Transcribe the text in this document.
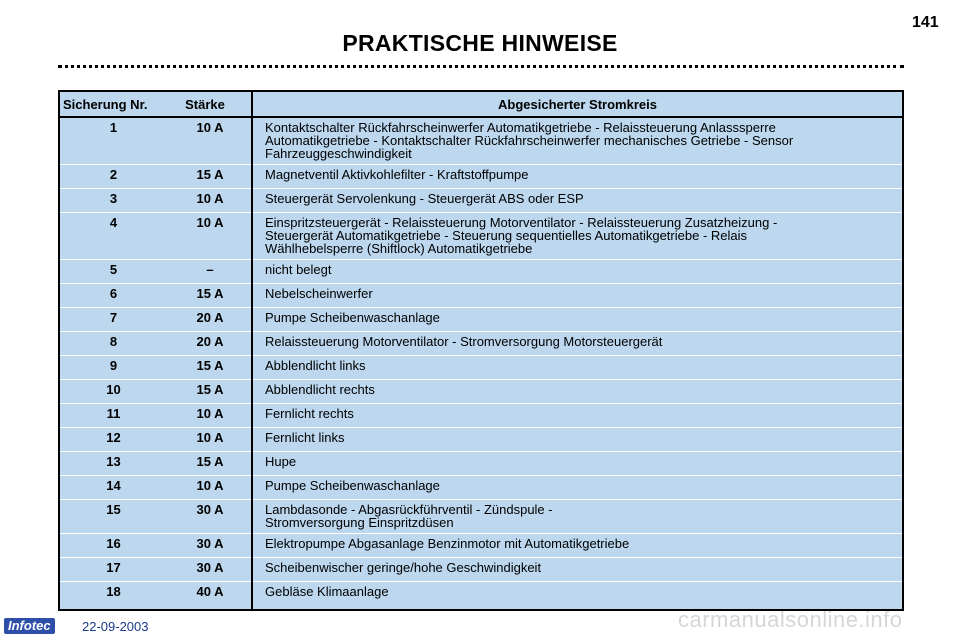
141
PRAKTISCHE HINWEISE
Sicherung Nr.	Stärke	Abgesicherter Stromkreis
1	10 A	Kontaktschalter Rückfahrscheinwerfer Automatikgetriebe - Relaissteuerung Anlasssperre
Automatikgetriebe - Kontaktschalter Rückfahrscheinwerfer mechanisches Getriebe - Sensor
Fahrzeuggeschwindigkeit
2	15 A	Magnetventil Aktivkohlefilter - Kraftstoffpumpe
3	10 A	Steuergerät Servolenkung - Steuergerät ABS oder ESP
4	10 A	Einspritzsteuergerät - Relaissteuerung Motorventilator - Relaissteuerung Zusatzheizung -
Steuergerät Automatikgetriebe - Steuerung sequentielles Automatikgetriebe - Relais
Wählhebelsperre (Shiftlock) Automatikgetriebe
5	–	nicht belegt
6	15 A	Nebelscheinwerfer
7	20 A	Pumpe Scheibenwaschanlage
8	20 A	Relaissteuerung Motorventilator - Stromversorgung Motorsteuergerät
9	15 A	Abblendlicht links
10	15 A	Abblendlicht rechts
11	10 A	Fernlicht rechts
12	10 A	Fernlicht links
13	15 A	Hupe
14	10 A	Pumpe Scheibenwaschanlage
15	30 A	Lambdasonde - Abgasrückführventil - Zündspule -
Stromversorgung Einspritzdüsen
16	30 A	Elektropumpe Abgasanlage Benzinmotor mit Automatikgetriebe
17	30 A	Scheibenwischer geringe/hohe Geschwindigkeit
18	40 A	Gebläse Klimaanlage
Infotec	22-09-2003	carmanualsonline.info
